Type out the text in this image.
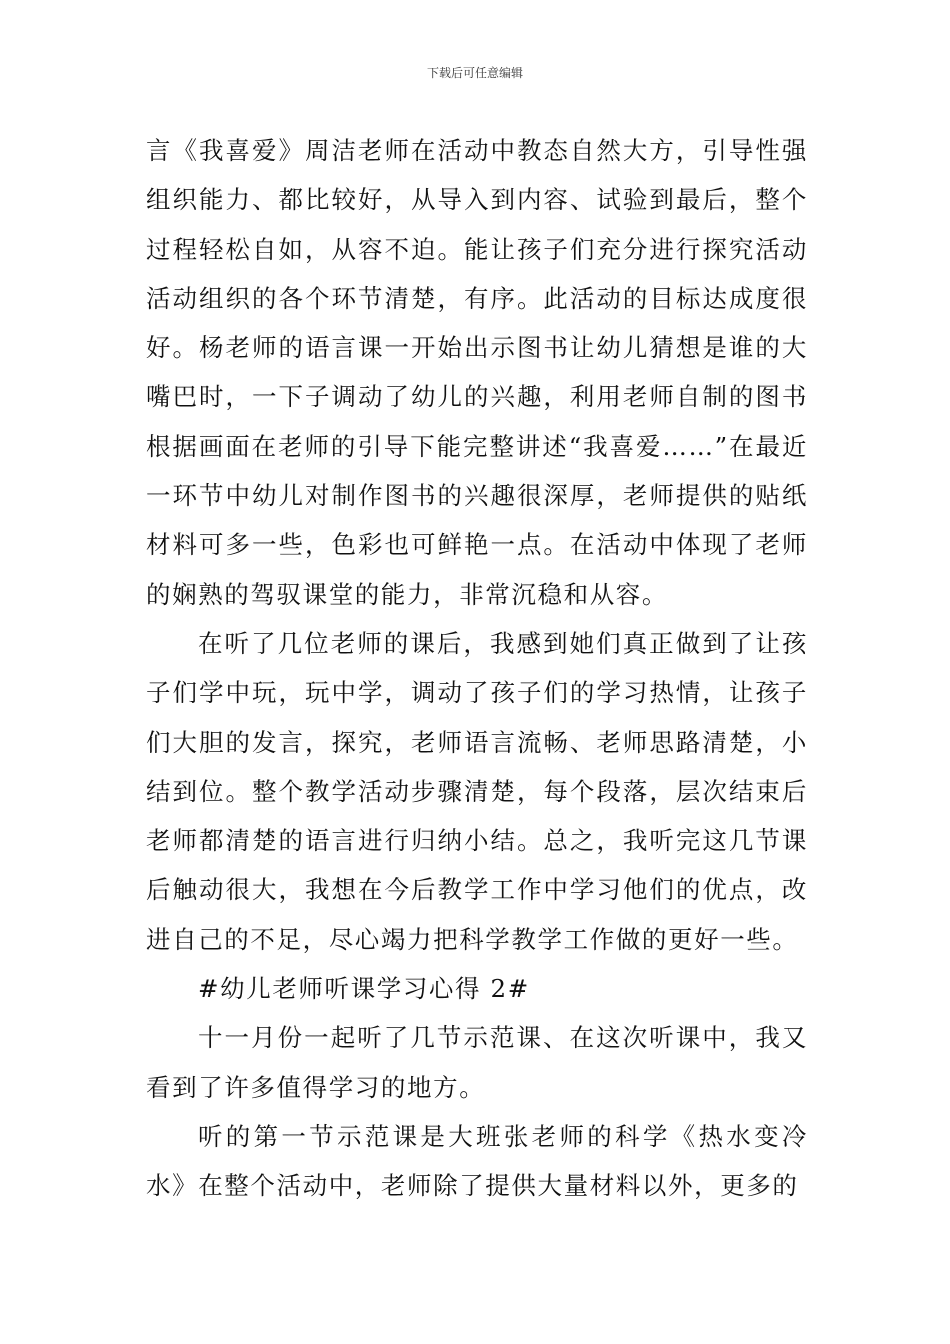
下载后可任意编辑

言《我喜爱》周洁老师在活动中教态自然大方，引导性强组织能力、都比较好，从导入到内容、试验到最后，整个过程轻松自如，从容不迫。能让孩子们充分进行探究活动活动组织的各个环节清楚，有序。此活动的目标达成度很好。杨老师的语言课一开始出示图书让幼儿猜想是谁的大嘴巴时，一下子调动了幼儿的兴趣，利用老师自制的图书根据画面在老师的引导下能完整讲述“我喜爱……”在最近一环节中幼儿对制作图书的兴趣很深厚，老师提供的贴纸材料可多一些，色彩也可鲜艳一点。在活动中体现了老师的娴熟的驾驭课堂的能力，非常沉稳和从容。

在听了几位老师的课后，我感到她们真正做到了让孩子们学中玩，玩中学，调动了孩子们的学习热情，让孩子们大胆的发言，探究，老师语言流畅、老师思路清楚，小结到位。整个教学活动步骤清楚，每个段落，层次结束后老师都清楚的语言进行归纳小结。总之，我听完这几节课后触动很大，我想在今后教学工作中学习他们的优点，改进自己的不足，尽心竭力把科学教学工作做的更好一些。

#幼儿老师听课学习心得 2#

十一月份一起听了几节示范课、在这次听课中，我又看到了许多值得学习的地方。

听的第一节示范课是大班张老师的科学《热水变冷水》在整个活动中，老师除了提供大量材料以外，更多的
